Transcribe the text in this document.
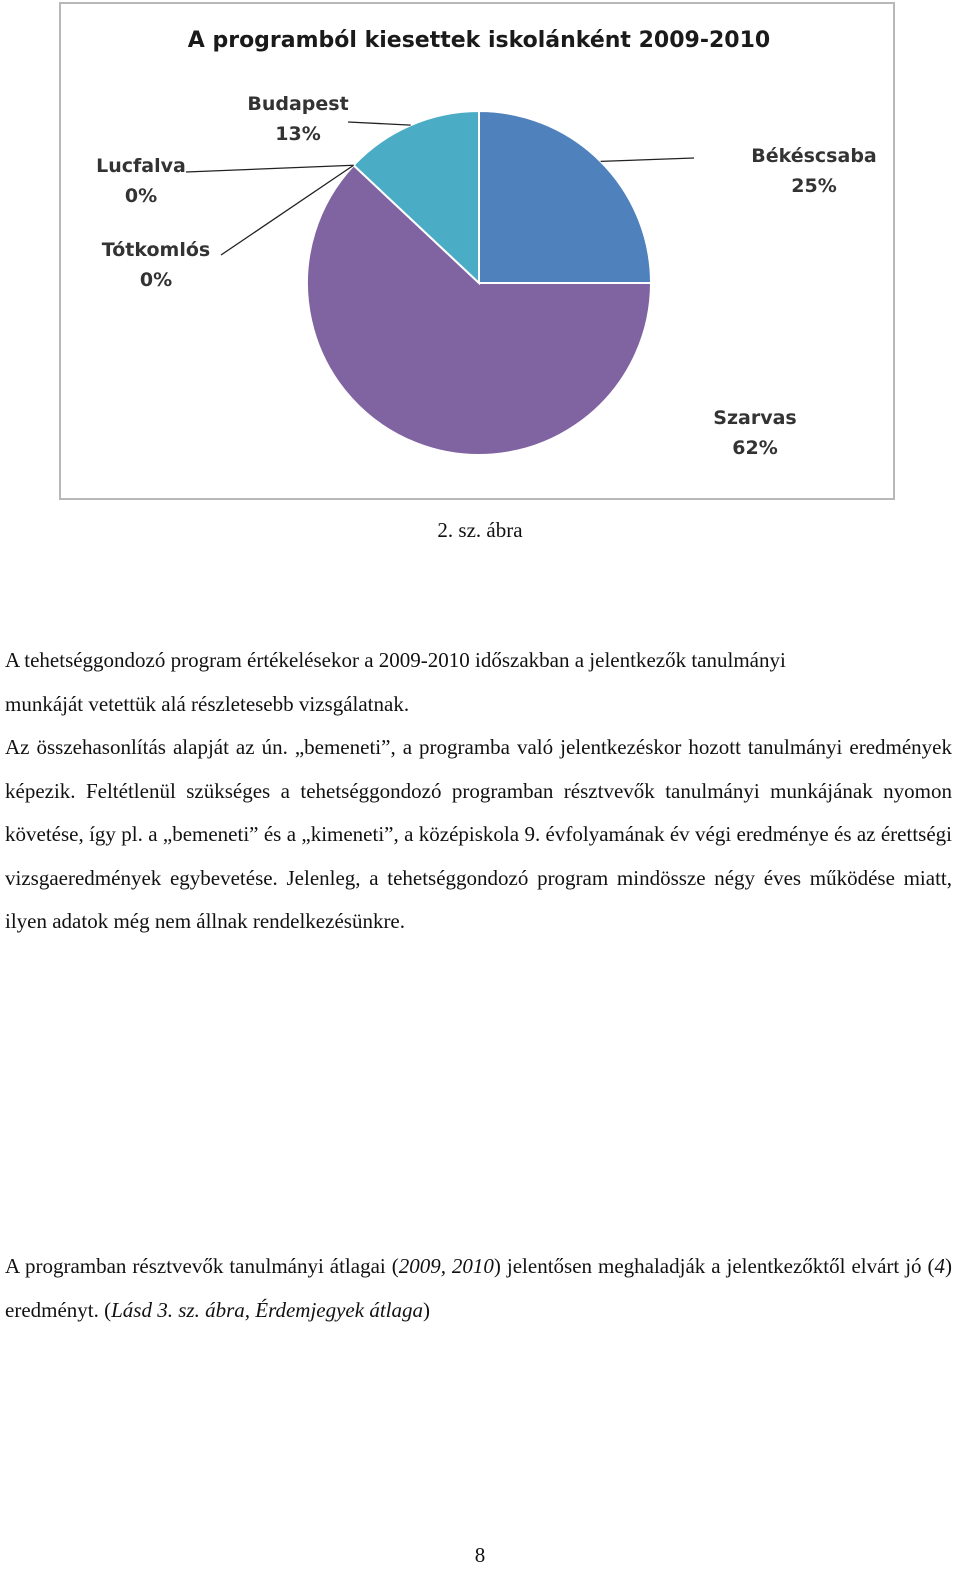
A programból kiesettek iskolánként 2009-2010
Békéscsaba
25%
Szarvas
62%
Tótkomlós
0%
Lucfalva
0%
Budapest
13%
2. sz. ábra

A tehetséggondozó program értékelésekor a 2009-2010 időszakban a jelentkezők tanulmányi
munkáját vetettük alá részletesebb vizsgálatnak.

Az összehasonlítás alapját az ún. „bemeneti”, a programba való jelentkezéskor hozott tanulmányi eredmények képezik. Feltétlenül szükséges a tehetséggondozó programban résztvevők tanulmányi munkájának nyomon követése, így pl. a „bemeneti” és a „kimeneti”, a középiskola 9. évfolyamának év végi eredménye és az érettségi vizsgaeredmények egybevetése. Jelenleg, a tehetséggondozó program mindössze négy éves működése miatt, ilyen adatok még nem állnak rendelkezésünkre.

A programban résztvevők tanulmányi átlagai (2009, 2010) jelentősen meghaladják a jelentkezőktől elvárt jó (4) eredményt. (Lásd 3. sz. ábra, Érdemjegyek átlaga)

8
